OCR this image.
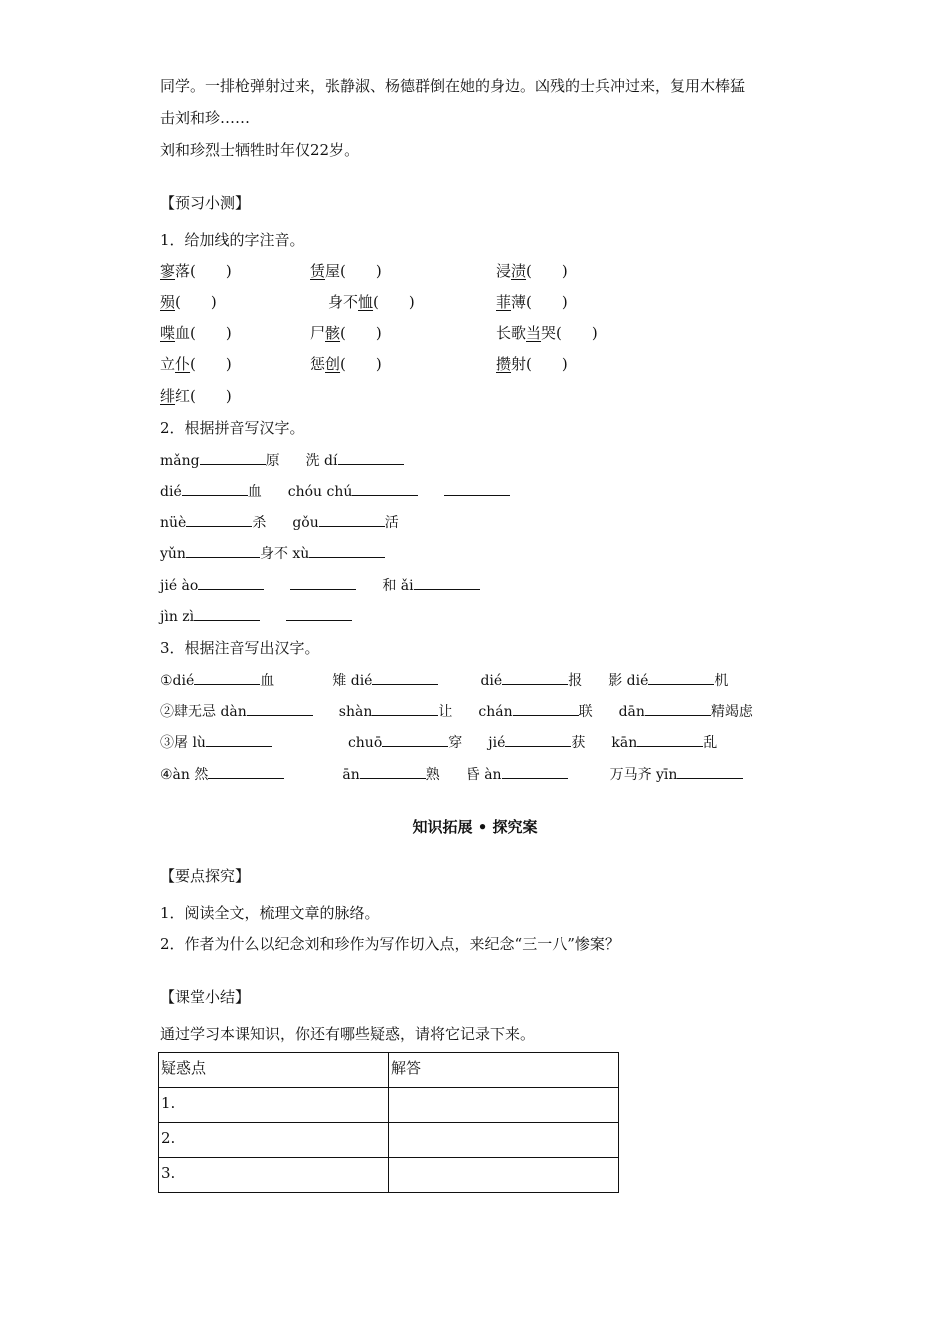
同学。一排枪弹射过来，张静淑、杨德群倒在她的身边。凶残的士兵冲过来，复用木棒猛
击刘和珍……
刘和珍烈士牺牲时年仅22岁。
【预习小测】
1．给加线的字注音。
寥落(　　)	赁屋(　　)	浸渍(　　)
殒(　　)	身不恤(　　)	菲薄(　　)
喋血(　　)	尸骸(　　)	长歌当哭(　　)
立仆(　　)	惩创(　　)	攒射(　　)
绯红(　　)
2．根据拼音写汉字。
mǎng	原 洗 dí
dié	血 chóu chú
nüè	杀 gǒu	活
yǔn	身不 xù
jié ào	和 ǎi
jìn zì
3．根据注音写出汉字。
①dié	血	雉 dié	dié	报 影 dié	机
②肆无忌 dàn	shàn	让 chán	联 dān	精竭虑
③屠 lù	chuō	穿 jié	获 kān	乱
④àn 然	ān	熟 昏 àn	万马齐 yīn
知识拓展 • 探究案
【要点探究】
1．阅读全文，梳理文章的脉络。
2．作者为什么以纪念刘和珍作为写作切入点，来纪念“三一八”惨案？
【课堂小结】
通过学习本课知识，你还有哪些疑惑，请将它记录下来。
疑惑点	解答
1.	
2.	
3.	
